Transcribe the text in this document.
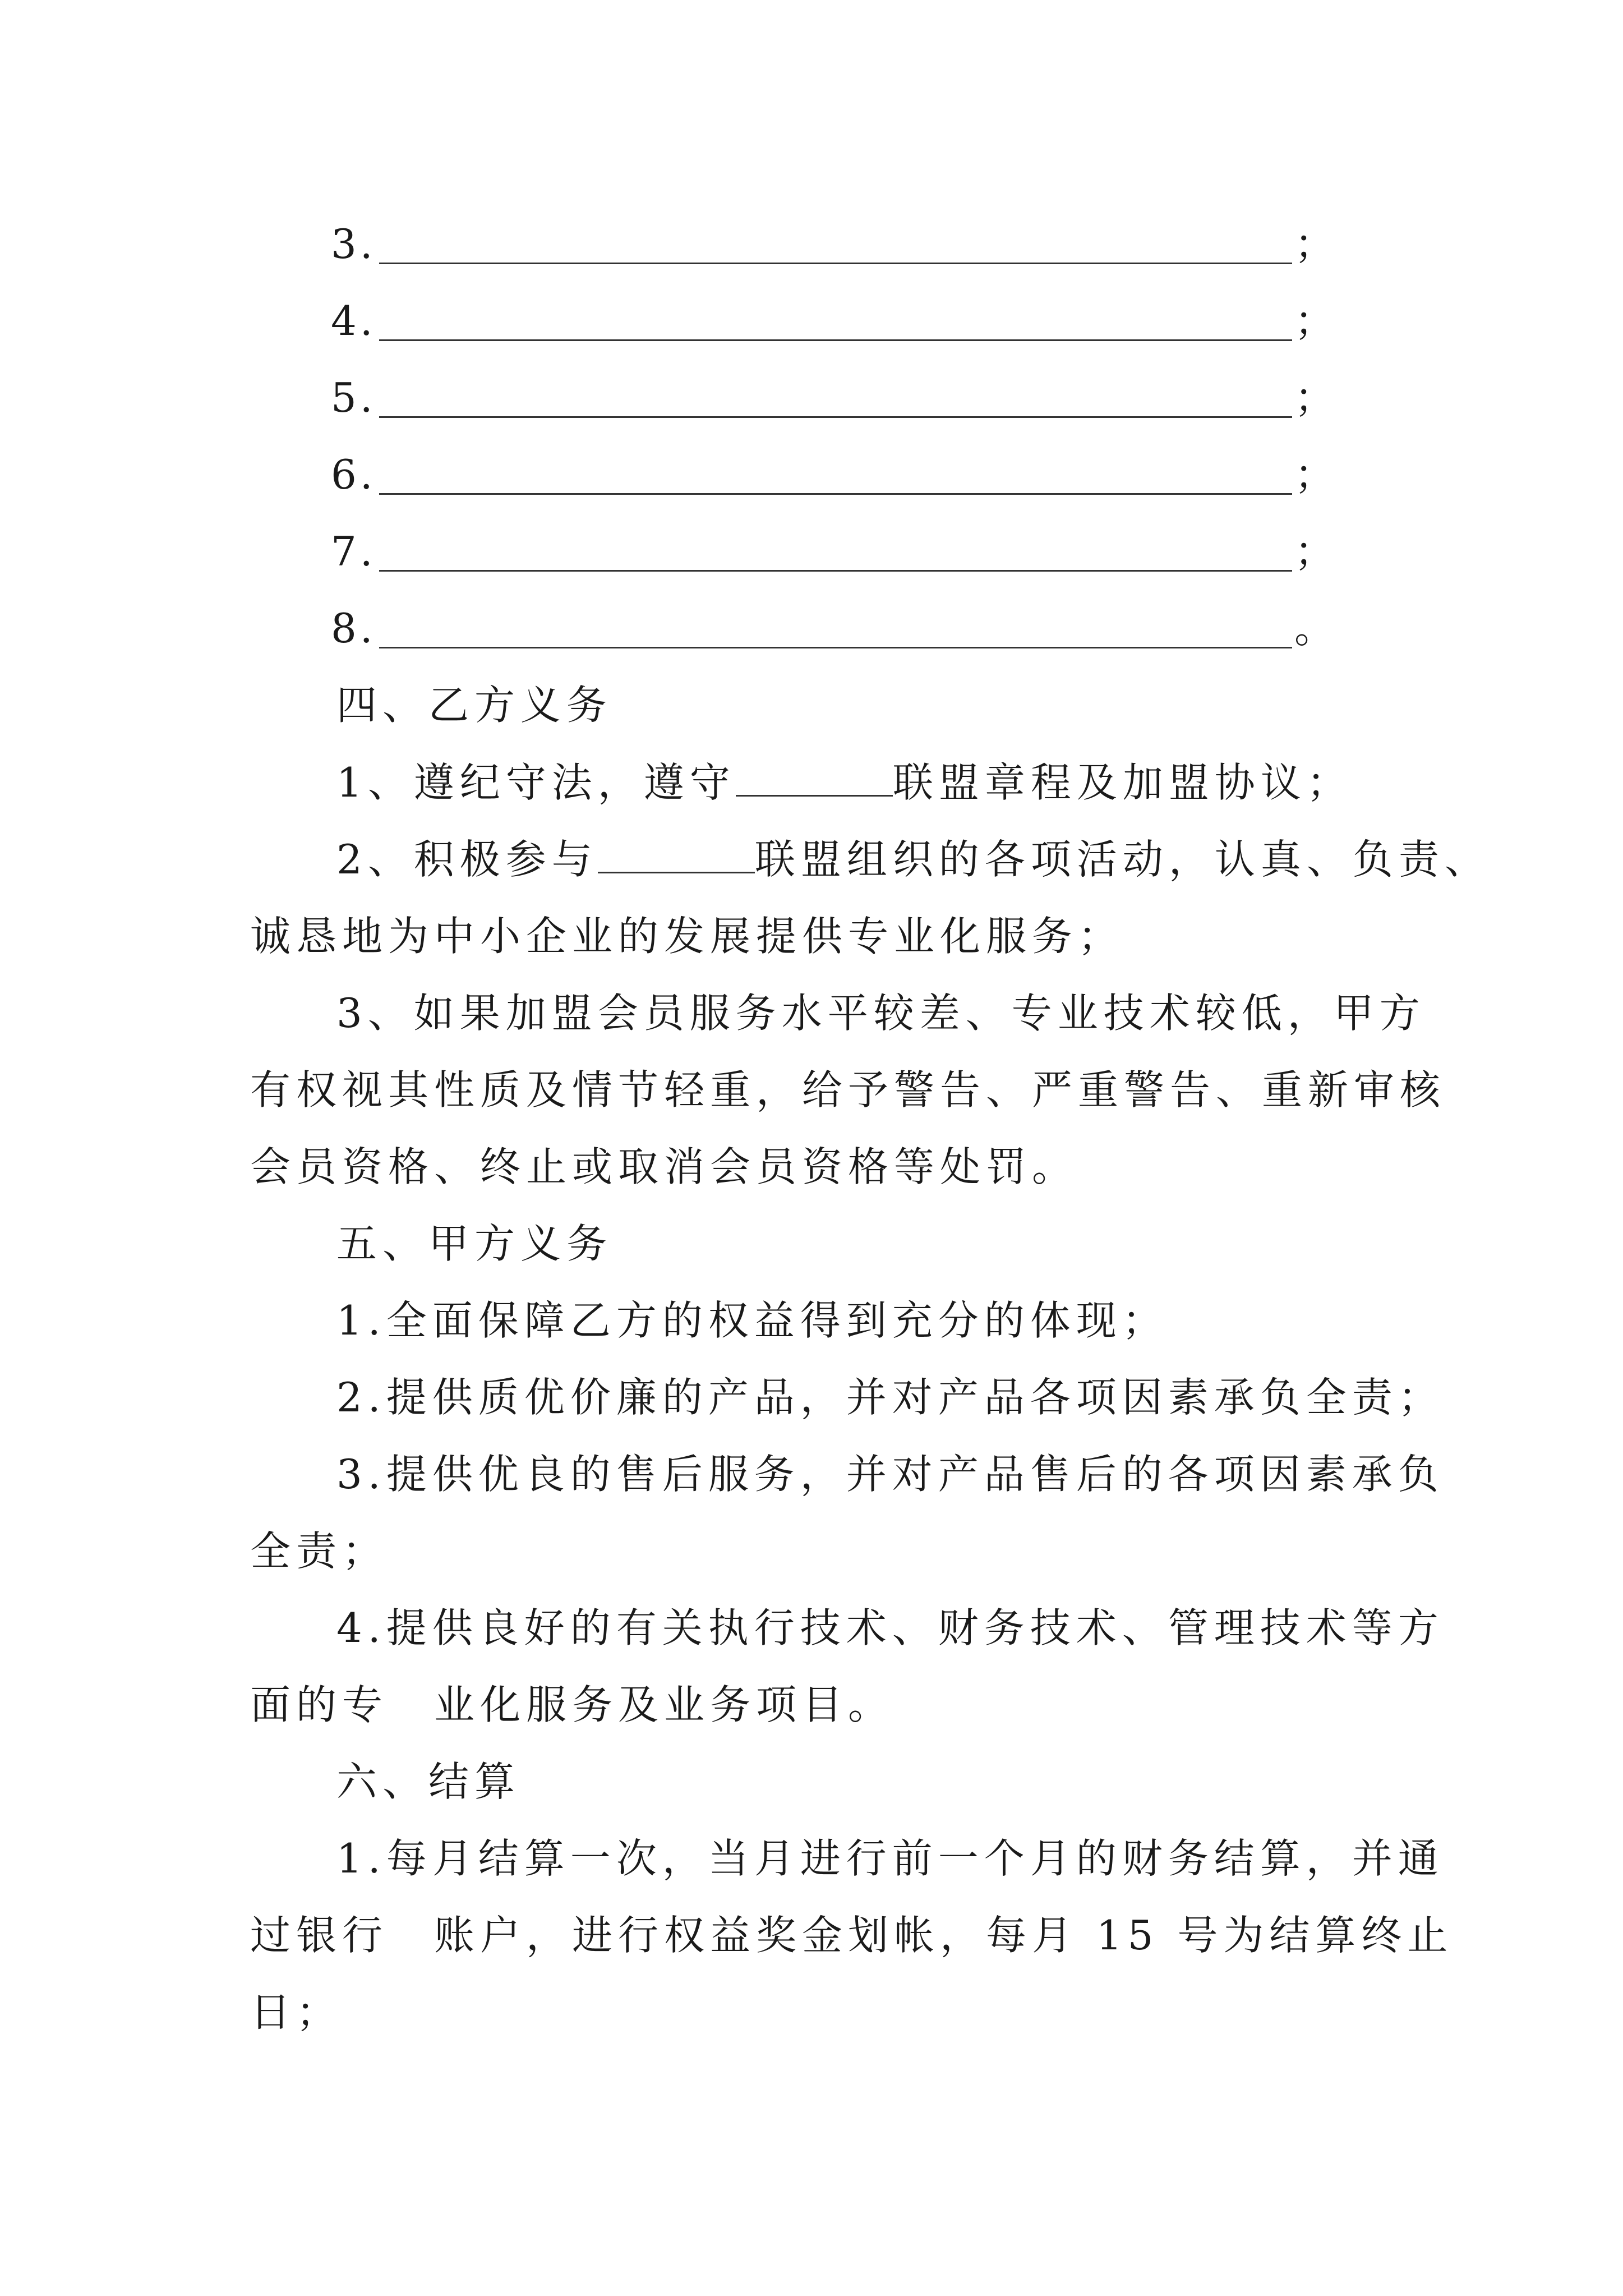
3.	；
4.	；
5.	；
6.	；
7.	；
8.	。
四、乙方义务
1、遵纪守法，遵守	联盟章程及加盟协议；
2、积极参与	联盟组织的各项活动，认真、负责、
诚恳地为中小企业的发展提供专业化服务；
3、如果加盟会员服务水平较差、专业技术较低，甲方
有权视其性质及情节轻重，给予警告、严重警告、重新审核
会员资格、终止或取消会员资格等处罚。
五、甲方义务
1.全面保障乙方的权益得到充分的体现；
2.提供质优价廉的产品，并对产品各项因素承负全责；
3.提供优良的售后服务，并对产品售后的各项因素承负
全责；
4.提供良好的有关执行技术、财务技术、管理技术等方
面的专　业化服务及业务项目。
六、结算
1.每月结算一次，当月进行前一个月的财务结算，并通
过银行　账户，进行权益奖金划帐，每月 15 号为结算终止
日；
